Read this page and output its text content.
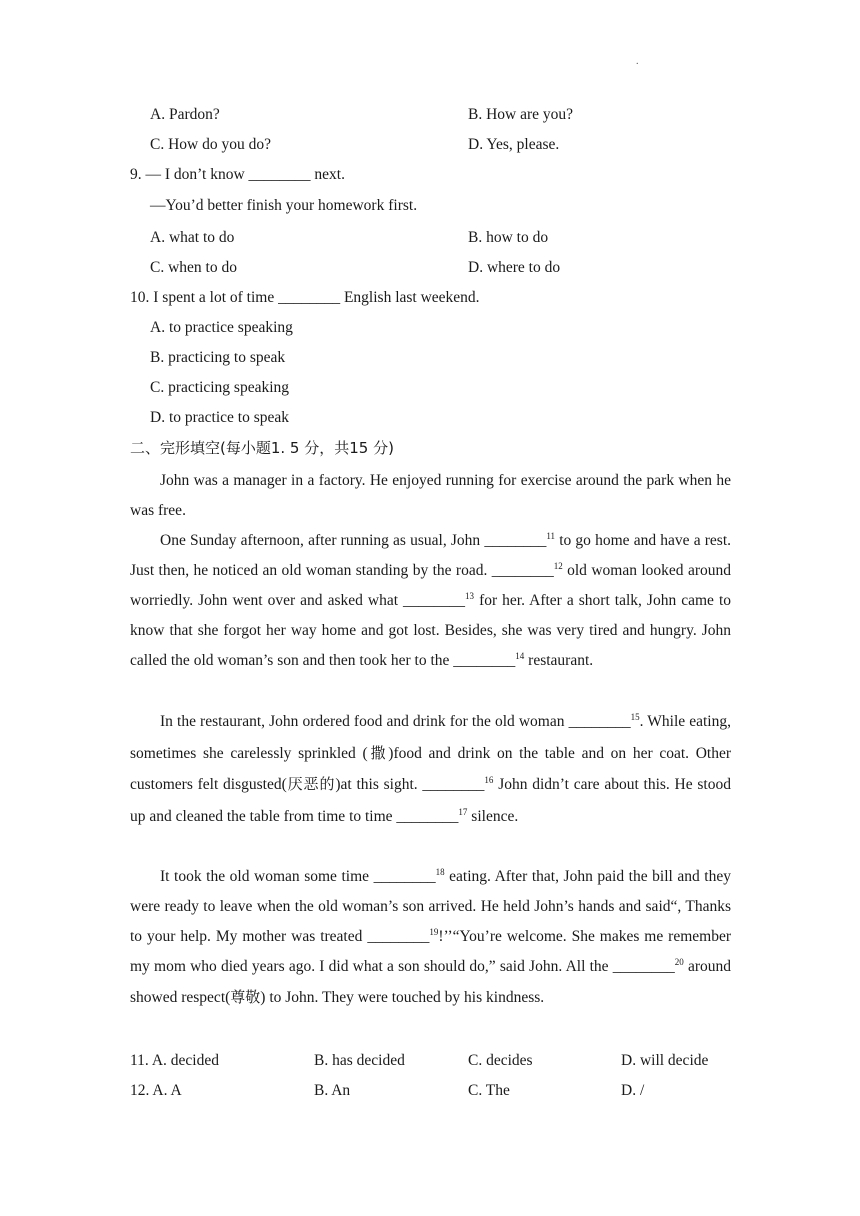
.
A. Pardon?	B. How are you?
C. How do you do?	D. Yes, please.
9. — I don’t know ________ next.
—You’d better finish your homework first.
A. what to do	B. how to do
C. when to do	D. where to do
10. I spent a lot of time ________ English last weekend.
A. to practice speaking
B. practicing to speak
C. practicing speaking
D. to practice to speak
二、完形填空(每小题1. 5 分，共15 分)
John was a manager in a factory. He enjoyed running for exercise around the park when he was free.
One Sunday afternoon, after running as usual, John ________$^{11}$ to go home and have a rest. Just then, he noticed an old woman standing by the road. ________$^{12}$ old woman looked around worriedly. John went over and asked what ________$^{13}$ for her. After a short talk, John came to know that she forgot her way home and got lost. Besides, she was very tired and hungry. John called the old woman’s son and then took her to the ________$^{14}$ restaurant.
In the restaurant, John ordered food and drink for the old woman ________$^{15}$. While eating, sometimes she carelessly sprinkled (撒)food and drink on the table and on her coat. Other customers felt disgusted(厌恶的)at this sight. ________$^{16}$ John didn’t care about this. He stood up and cleaned the table from time to time ________$^{17}$ silence.
It took the old woman some time ________$^{18}$ eating. After that, John paid the bill and they were ready to leave when the old woman’s son arrived. He held John’s hands and said“, Thanks to your help. My mother was treated ________$^{19}$!’’“You’re welcome. She makes me remember my mom who died years ago. I did what a son should do,” said John. All the ________$^{20}$ around showed respect(尊敬) to John. They were touched by his kindness.
11. A. decided	B. has decided	C. decides	D. will decide
12. A. A	B. An	C. The	D. /
